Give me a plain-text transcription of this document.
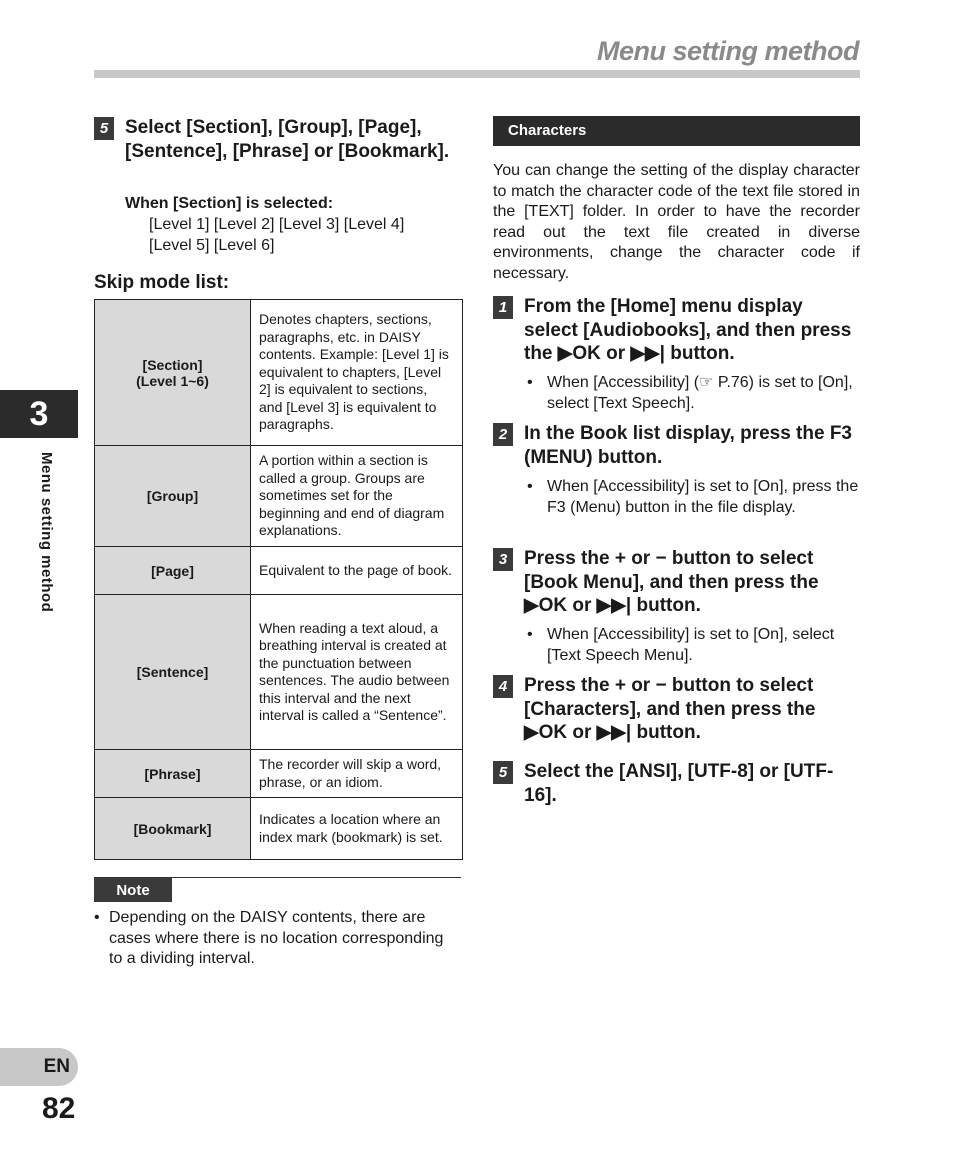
Menu setting method
3
Menu setting method
EN
82
5 Select [Section], [Group], [Page], [Sentence], [Phrase] or [Bookmark].
When [Section] is selected:
[Level 1] [Level 2] [Level 3] [Level 4]
[Level 5] [Level 6]
Skip mode list:
[Section]
(Level 1~6)	Denotes chapters, sections, paragraphs, etc. in DAISY contents. Example: [Level 1] is equivalent to chapters, [Level 2] is equivalent to sections, and [Level 3] is equivalent to paragraphs.
[Group]	A portion within a section is called a group. Groups are sometimes set for the beginning and end of diagram explanations.
[Page]	Equivalent to the page of book.
[Sentence]	When reading a text aloud, a breathing interval is created at the punctuation between sentences. The audio between this interval and the next interval is called a “Sentence”.
[Phrase]	The recorder will skip a word, phrase, or an idiom.
[Bookmark]	Indicates a location where an index mark (bookmark) is set.
Note
• Depending on the DAISY contents, there are cases where there is no location corresponding to a dividing interval.
Characters
You can change the setting of the display character to match the character code of the text file stored in the [TEXT] folder. In order to have the recorder read out the text file created in diverse environments, change the character code if necessary.
1 From the [Home] menu display select [Audiobooks], and then press the ▶OK or ▶▶| button.
• When [Accessibility] (☞ P.76) is set to [On], select [Text Speech].
2 In the Book list display, press the F3 (MENU) button.
• When [Accessibility] is set to [On], press the F3 (Menu) button in the file display.
3 Press the + or − button to select [Book Menu], and then press the ▶OK or ▶▶| button.
• When [Accessibility] is set to [On], select [Text Speech Menu].
4 Press the + or − button to select [Characters], and then press the ▶OK or ▶▶| button.
5 Select the [ANSI], [UTF-8] or [UTF-16].
